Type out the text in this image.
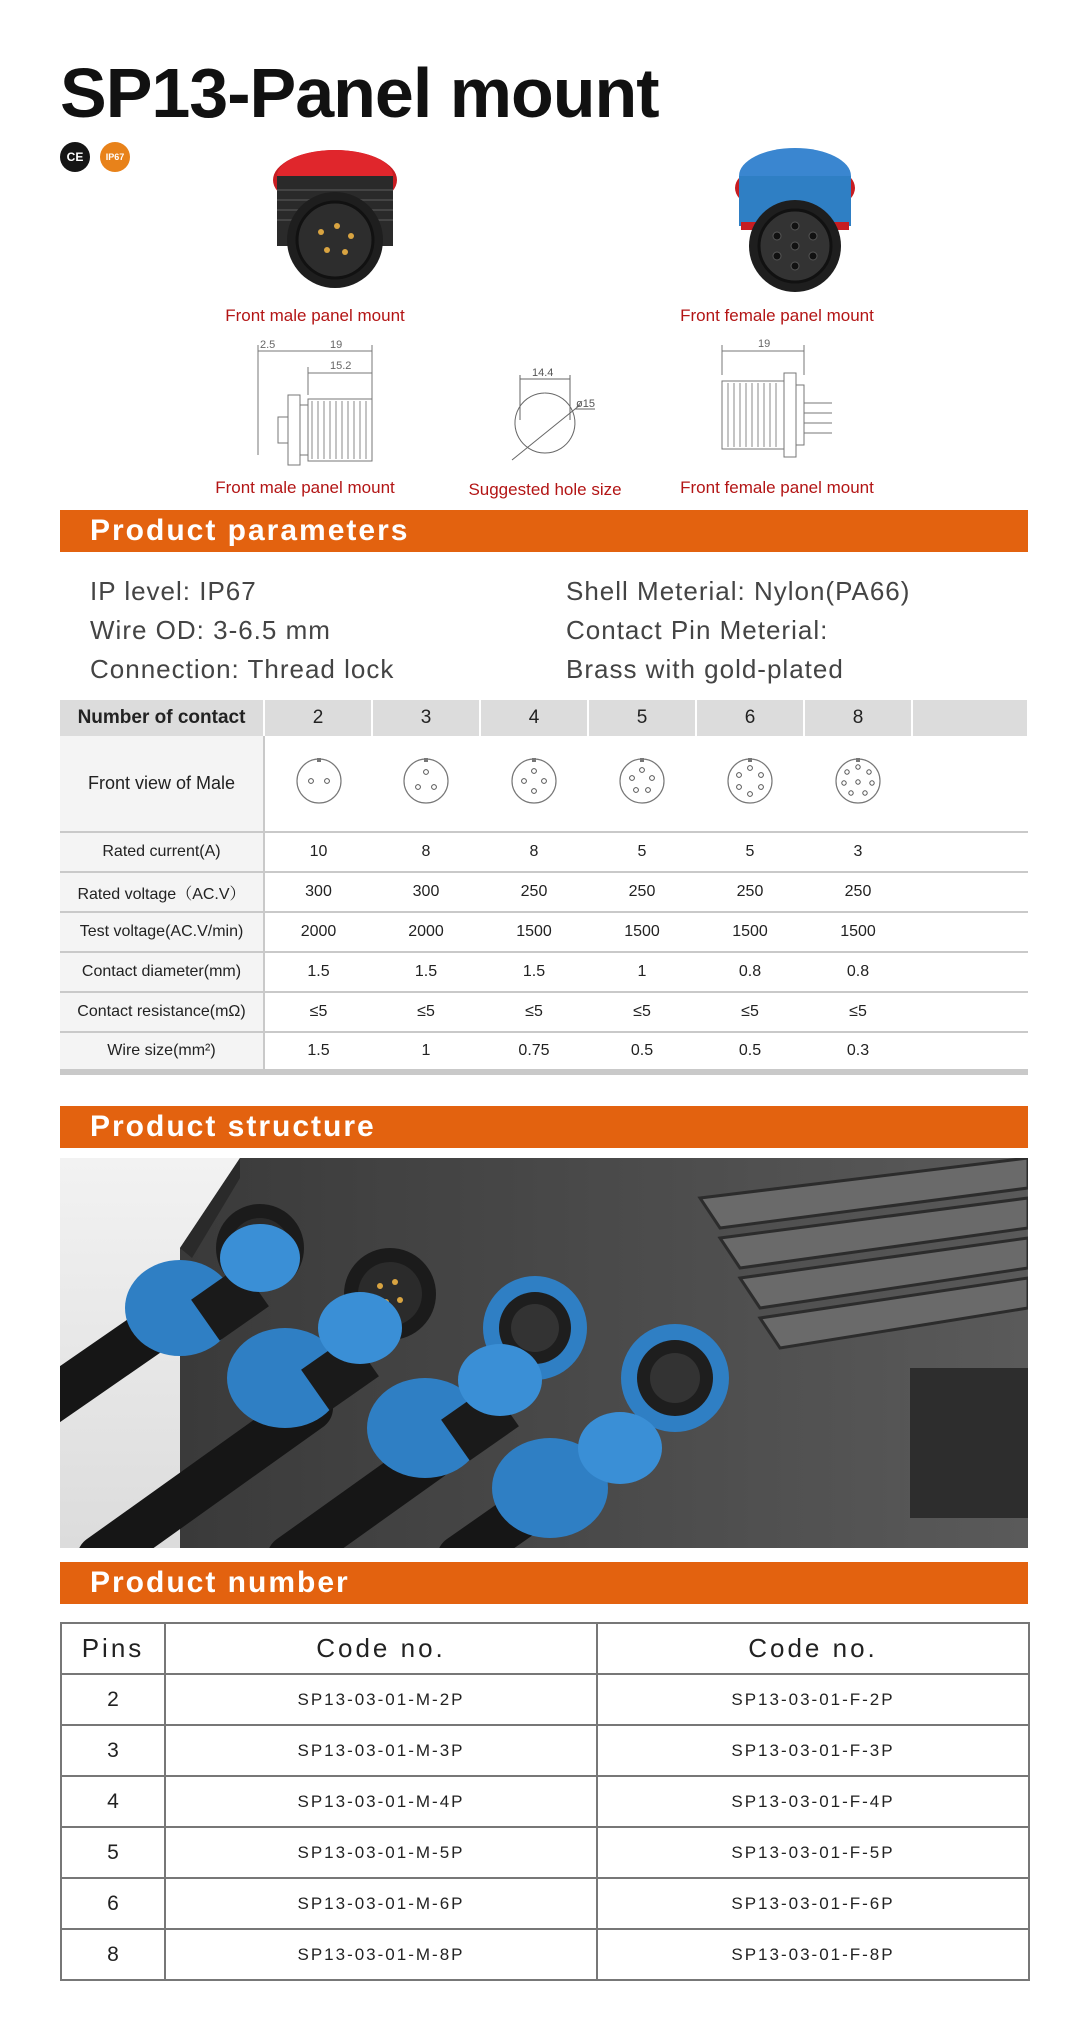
SP13-Panel mount
CE	IP67
Front male panel mount	Front female panel mount
2.5	19
15.2
Front male panel mount
14.4
ø15
Suggested hole size
19
Front female panel mount
Product parameters
IP level: IP67
Wire OD: 3-6.5 mm
Connection: Thread lock
Shell Meterial: Nylon(PA66)
Contact Pin Meterial:
Brass with gold-plated
Number of contact	2	3	4	5	6	8	
Front view of Male							
Rated current(A)	10	8	8	5	5	3	
Rated voltage（AC.V）	300	300	250	250	250	250	
Test voltage(AC.V/min)	2000	2000	1500	1500	1500	1500	
Contact diameter(mm)	1.5	1.5	1.5	1	0.8	0.8	
Contact resistance(mΩ)	≤5	≤5	≤5	≤5	≤5	≤5	
Wire size(mm²)	1.5	1	0.75	0.5	0.5	0.3	
Product structure
Product number
Pins	Code no.	Code no.
2	SP13-03-01-M-2P	SP13-03-01-F-2P
3	SP13-03-01-M-3P	SP13-03-01-F-3P
4	SP13-03-01-M-4P	SP13-03-01-F-4P
5	SP13-03-01-M-5P	SP13-03-01-F-5P
6	SP13-03-01-M-6P	SP13-03-01-F-6P
8	SP13-03-01-M-8P	SP13-03-01-F-8P
